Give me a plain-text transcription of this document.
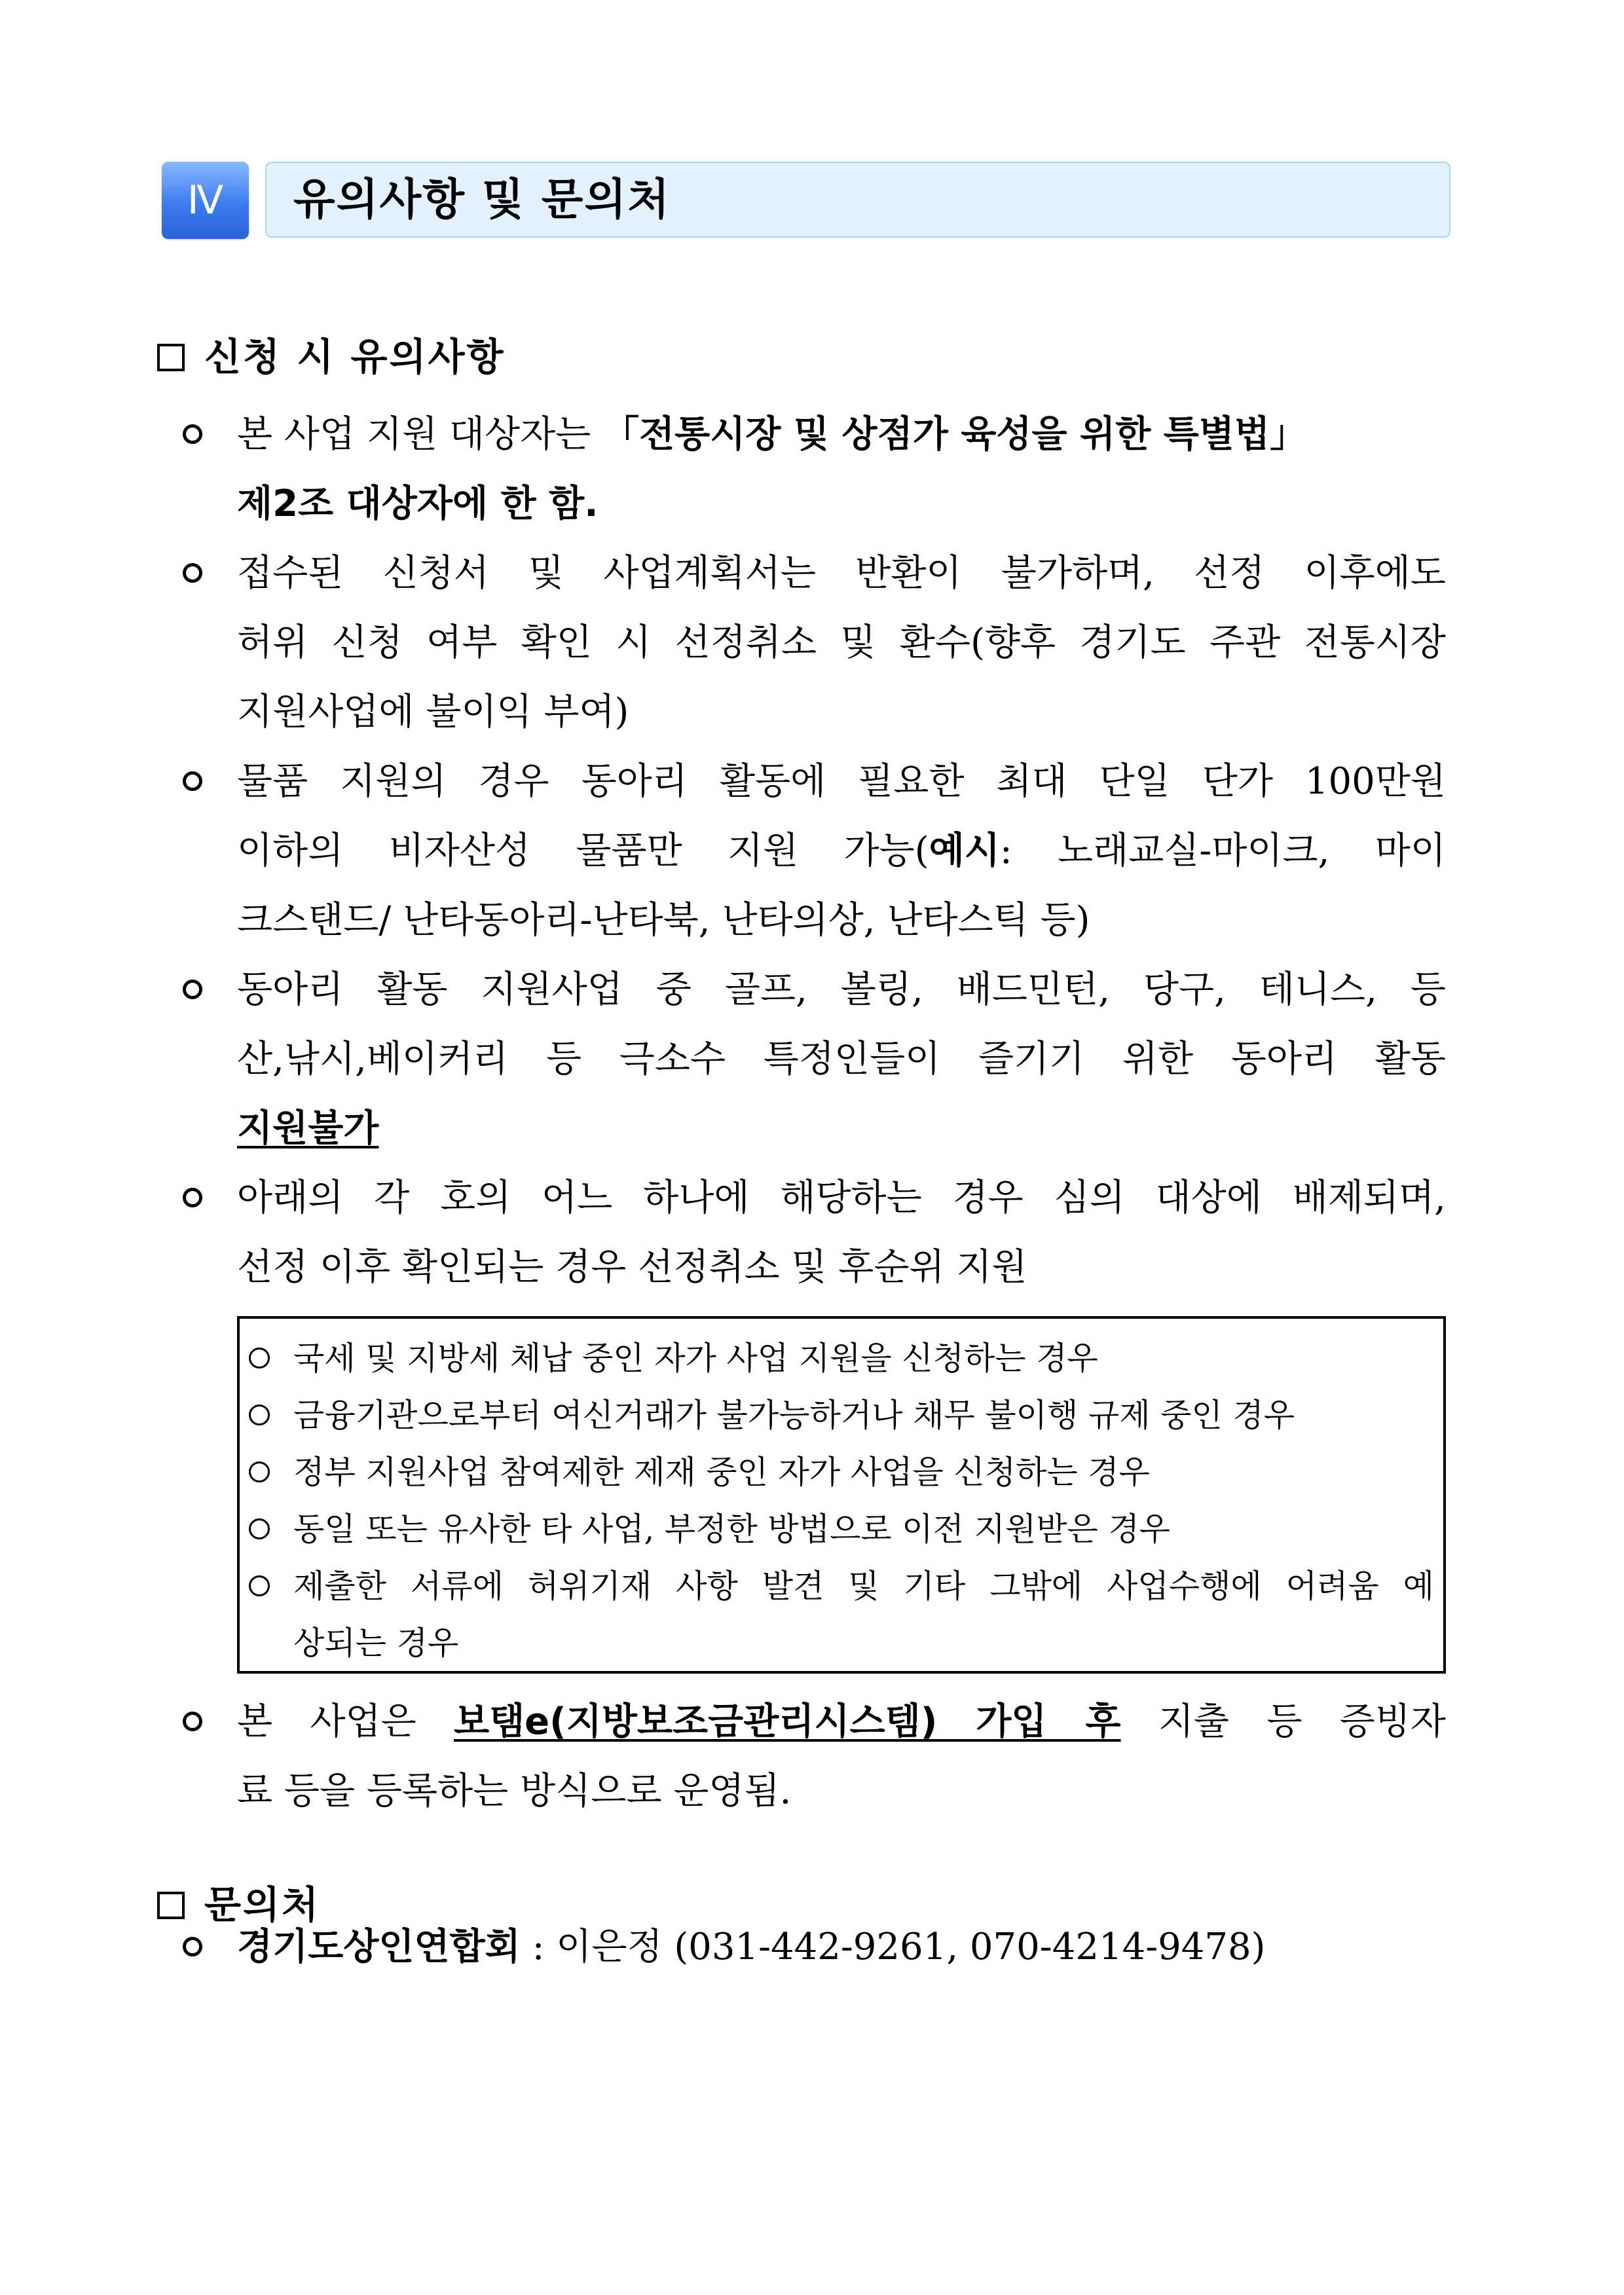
Ⅳ	유의사항 및 문의처
신청 시 유의사항
본 사업 지원 대상자는 「전통시장 및 상점가 육성을 위한 특별법」
제2조 대상자에 한 함.
접수된 신청서 및 사업계획서는 반환이 불가하며, 선정 이후에도
허위 신청 여부 확인 시 선정취소 및 환수(향후 경기도 주관 전통시장
지원사업에 불이익 부여)
물품 지원의 경우 동아리 활동에 필요한 최대 단일 단가 100만원
이하의 비자산성 물품만 지원 가능(예시: 노래교실-마이크, 마이
크스탠드/ 난타동아리-난타북, 난타의상, 난타스틱 등)
동아리 활동 지원사업 중 골프, 볼링, 배드민턴, 당구, 테니스, 등
산,낚시,베이커리 등 극소수 특정인들이 즐기기 위한 동아리 활동
지원불가
아래의 각 호의 어느 하나에 해당하는 경우 심의 대상에 배제되며,
선정 이후 확인되는 경우 선정취소 및 후순위 지원
국세 및 지방세 체납 중인 자가 사업 지원을 신청하는 경우
금융기관으로부터 여신거래가 불가능하거나 채무 불이행 규제 중인 경우
정부 지원사업 참여제한 제재 중인 자가 사업을 신청하는 경우
동일 또는 유사한 타 사업, 부정한 방법으로 이전 지원받은 경우
제출한 서류에 허위기재 사항 발견 및 기타 그밖에 사업수행에 어려움 예
상되는 경우
본 사업은 보탬e(지방보조금관리시스템) 가입 후 지출 등 증빙자
료 등을 등록하는 방식으로 운영됨.
문의처
경기도상인연합회 : 이은정 (031-442-9261, 070-4214-9478)
